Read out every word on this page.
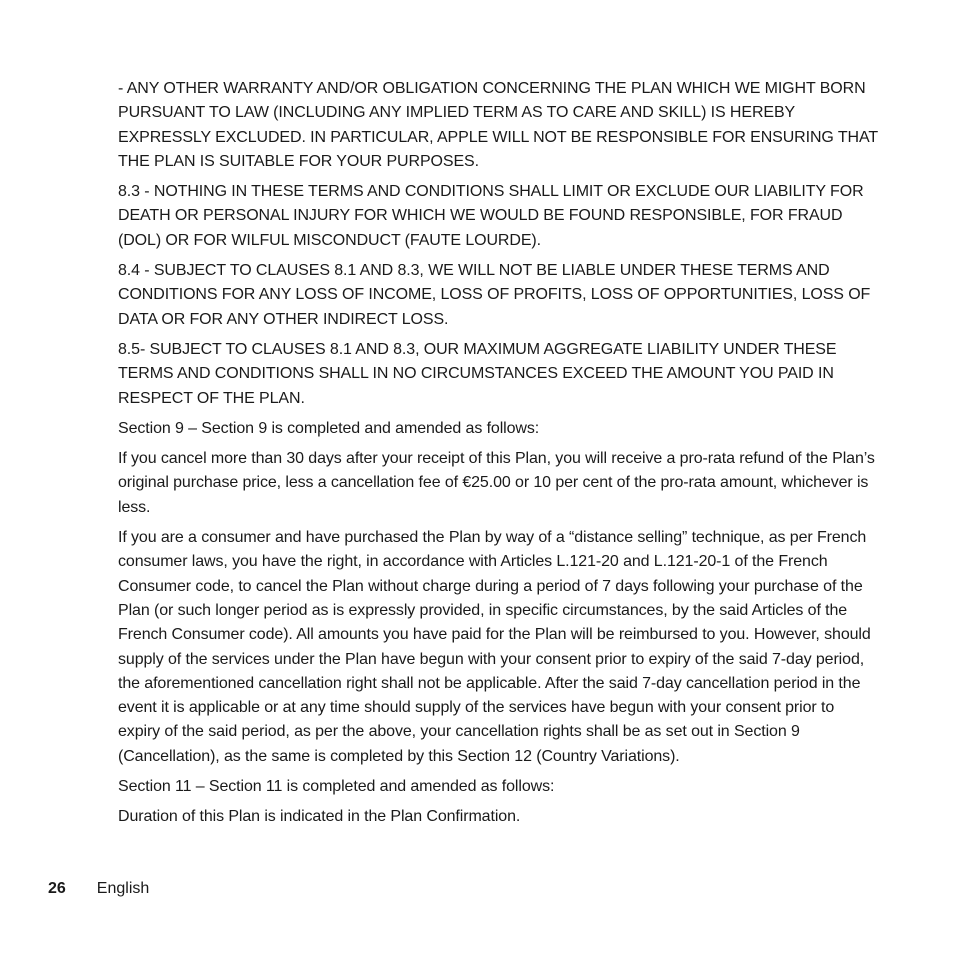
- ANY OTHER WARRANTY AND/OR OBLIGATION CONCERNING THE PLAN WHICH WE MIGHT BORN PURSUANT TO LAW (INCLUDING ANY IMPLIED TERM AS TO CARE AND SKILL) IS HEREBY EXPRESSLY EXCLUDED. IN PARTICULAR, APPLE WILL NOT BE RESPONSIBLE FOR ENSURING THAT THE PLAN IS SUITABLE FOR YOUR PURPOSES.

8.3 - NOTHING IN THESE TERMS AND CONDITIONS SHALL LIMIT OR EXCLUDE OUR LIABILITY FOR DEATH OR PERSONAL INJURY FOR WHICH WE WOULD BE FOUND RESPONSIBLE, FOR FRAUD (DOL) OR FOR WILFUL MISCONDUCT (FAUTE LOURDE).

8.4 - SUBJECT TO CLAUSES 8.1 AND 8.3, WE WILL NOT BE LIABLE UNDER THESE TERMS AND CONDITIONS FOR ANY LOSS OF INCOME, LOSS OF PROFITS, LOSS OF OPPORTUNITIES, LOSS OF DATA OR FOR ANY OTHER INDIRECT LOSS.

8.5- SUBJECT TO CLAUSES 8.1 AND 8.3, OUR MAXIMUM AGGREGATE LIABILITY UNDER THESE TERMS AND CONDITIONS SHALL IN NO CIRCUMSTANCES EXCEED THE AMOUNT YOU PAID IN RESPECT OF THE PLAN.

Section 9 – Section 9 is completed and amended as follows:

If you cancel more than 30 days after your receipt of this Plan, you will receive a pro-rata refund of the Plan’s original purchase price, less a cancellation fee of €25.00 or 10 per cent of the pro-rata amount, whichever is less.

If you are a consumer and have purchased the Plan by way of a “distance selling” technique, as per French consumer laws, you have the right, in accordance with Articles L.121-20 and L.121-20-1 of the French Consumer code, to cancel the Plan without charge during a period of 7 days following your purchase of the Plan (or such longer period as is expressly provided, in specific circumstances, by the said Articles of the French Consumer code). All amounts you have paid for the Plan will be reimbursed to you. However, should supply of the services under the Plan have begun with your consent prior to expiry of the said 7-day period, the aforementioned cancellation right shall not be applicable. After the said 7-day cancellation period in the event it is applicable or at any time should supply of the services have begun with your consent prior to expiry of the said period, as per the above, your cancellation rights shall be as set out in Section 9 (Cancellation), as the same is completed by this Section 12 (Country Variations).

Section 11 – Section 11 is completed and amended as follows:

Duration of this Plan is indicated in the Plan Confirmation.

26 English
